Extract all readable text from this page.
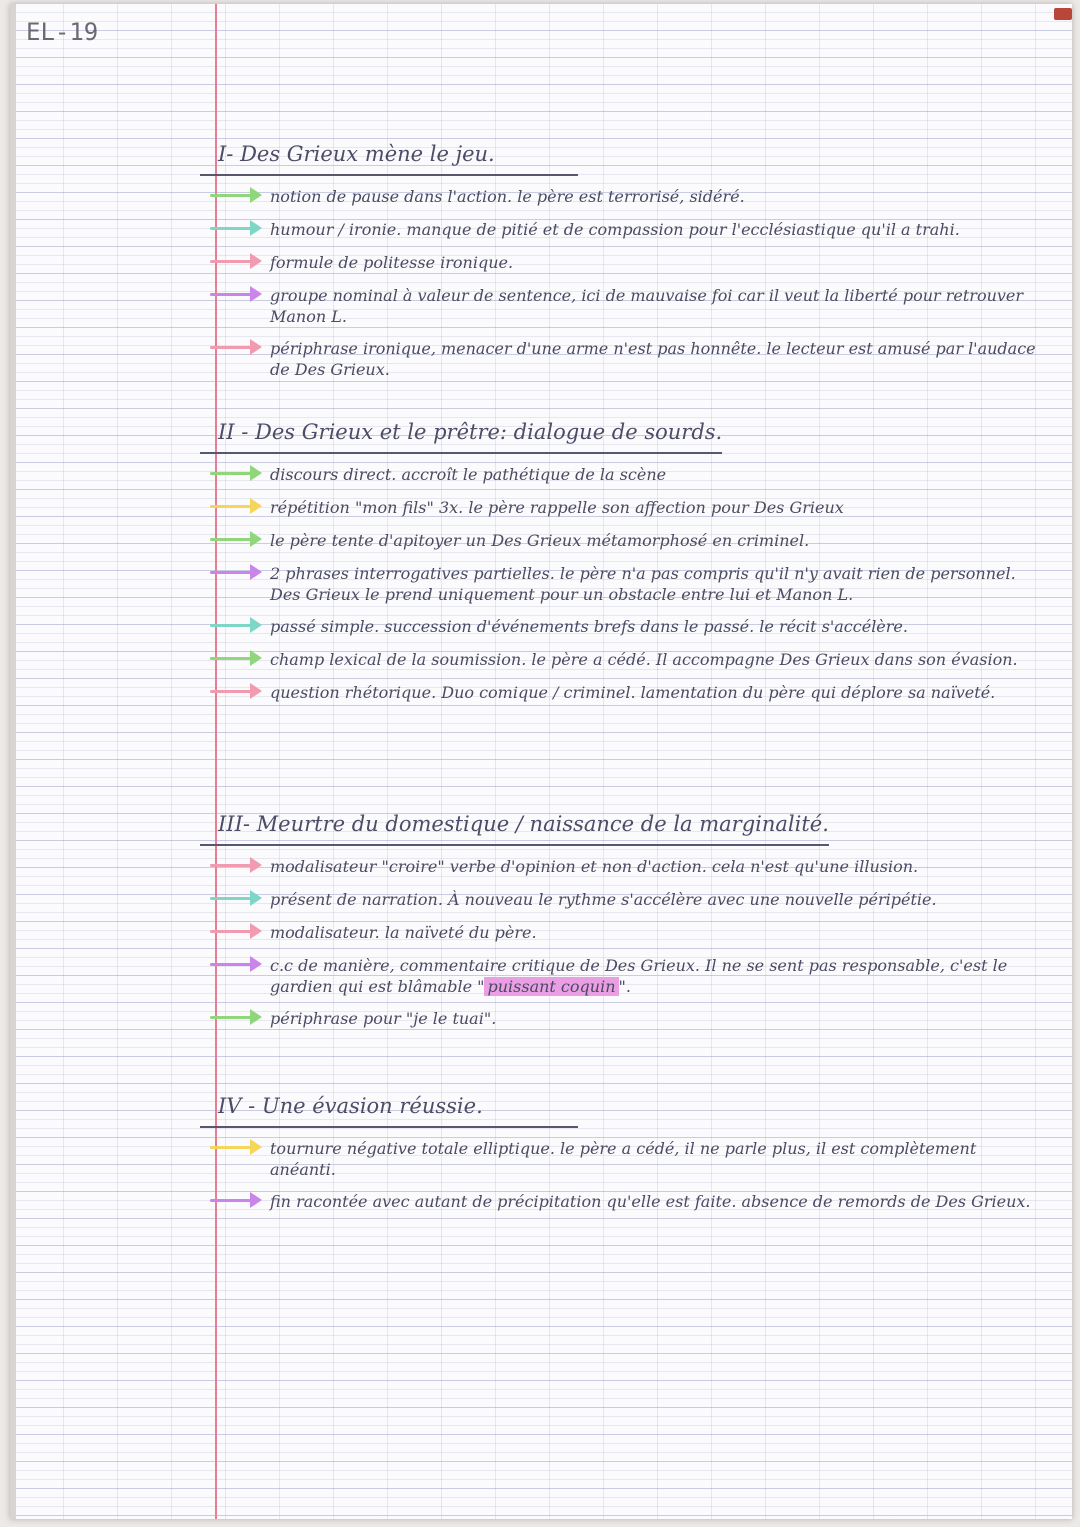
EL-19
I- Des Grieux mène le jeu.
notion de pause dans l'action. le père est terrorisé, sidéré.
humour / ironie. manque de pitié et de compassion pour l'ecclésiastique qu'il a trahi.
formule de politesse ironique.
groupe nominal à valeur de sentence, ici de mauvaise foi car il veut la liberté pour retrouver Manon L.
périphrase ironique, menacer d'une arme n'est pas honnête. le lecteur est amusé par l'audace de Des Grieux.
II - Des Grieux et le prêtre: dialogue de sourds.
discours direct. accroît le pathétique de la scène
répétition "mon fils" 3x. le père rappelle son affection pour Des Grieux
le père tente d'apitoyer un Des Grieux métamorphosé en criminel.
2 phrases interrogatives partielles. le père n'a pas compris qu'il n'y avait rien de personnel. Des Grieux le prend uniquement pour un obstacle entre lui et Manon L.
passé simple. succession d'événements brefs dans le passé. le récit s'accélère.
champ lexical de la soumission. le père a cédé. Il accompagne Des Grieux dans son évasion.
question rhétorique. Duo comique / criminel. lamentation du père qui déplore sa naïveté.
III- Meurtre du domestique / naissance de la marginalité.
modalisateur "croire" verbe d'opinion et non d'action. cela n'est qu'une illusion.
présent de narration. À nouveau le rythme s'accélère avec une nouvelle péripétie.
modalisateur. la naïveté du père.
c.c de manière, commentaire critique de Des Grieux. Il ne se sent pas responsable, c'est le gardien qui est blâmable " puissant coquin ".
périphrase pour "je le tuai".
IV - Une évasion réussie.
tournure négative totale elliptique. le père a cédé, il ne parle plus, il est complètement anéanti.
fin racontée avec autant de précipitation qu'elle est faite. absence de remords de Des Grieux.
